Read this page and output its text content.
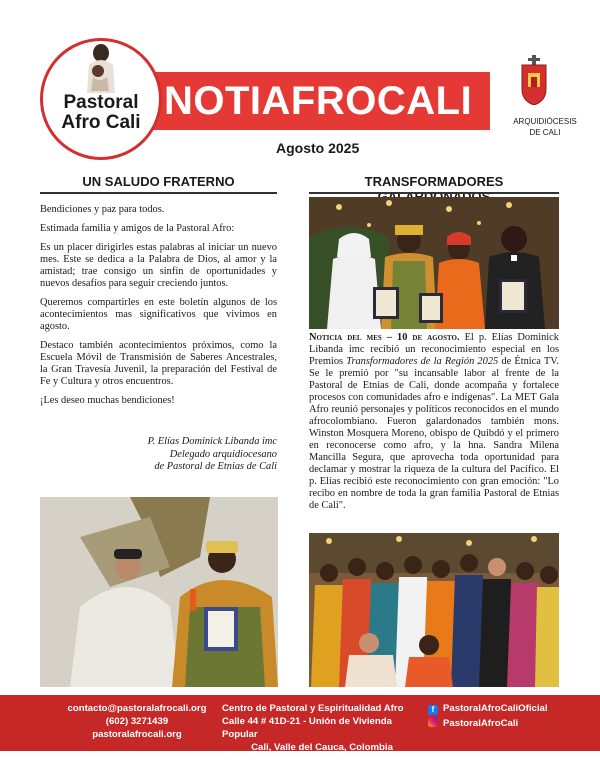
NOTIAFROCALI
Pastoral
Afro Cali
Agosto 2025
ARQUIDIÓCESIS
DE CALI
UN SALUDO FRATERNO

Bendiciones y paz para todos.

Estimada familia y amigos de la Pastoral Afro:

Es un placer dirigirles estas palabras al iniciar un nuevo mes. Este se dedica a la Palabra de Dios, al amor y la amistad; trae consigo un sinfín de oportunidades y nuevos desafíos para seguir creciendo juntos.

Queremos compartirles en este boletín algunos de los acontecimientos mas significativos que vivimos en agosto.

Destaco también acontecimientos próximos, como la Escuela Móvil de Transmisión de Saberes Ancestrales, la Gran Travesía Juvenil, la preparación del Festival de Fe y Cultura y otros encuentros.

¡Les deseo muchas bendiciones!

P. Elías Dominick Libanda imc
Delegado arquidiocesano
de Pastoral de Etnias de Cali
TRANSFORMADORES
Noticia del mes – 10 de agosto. El p. Elías Dominick Libanda imc recibió un reconocimiento especial en los Premios Transformadores de la Región 2025 de Étnica TV. Se le premió por "su incansable labor al frente de la Pastoral de Etnias de Cali, donde acompaña y fortalece procesos con comunidades afro e indígenas". La MET Gala Afro reunió personajes y políticos reconocidos en el mundo afrocolombiano. Fueron galardonados también mons. Winston Mosquera Moreno, obispo de Quibdó y el primero en reconocerse como afro, y la hna. Sandra Milena Mancilla Segura, que aprovecha toda oportunidad para declamar y mostrar la riqueza de la cultura del Pacífico. El p. Elías recibió este reconocimiento con gran emoción: "Lo recibo en nombre de toda la gran familia Pastoral de Etnias de Cali".
contacto@pastoralafrocali.org
(602) 3271439
pastoralafrocali.org
Centro de Pastoral y Espiritualidad Afro
Calle 44 # 41D-21 - Unión de Vivienda Popular
Cali, Valle del Cauca, Colombia
f PastoralAfroCaliOficial
PastoralAfroCali
